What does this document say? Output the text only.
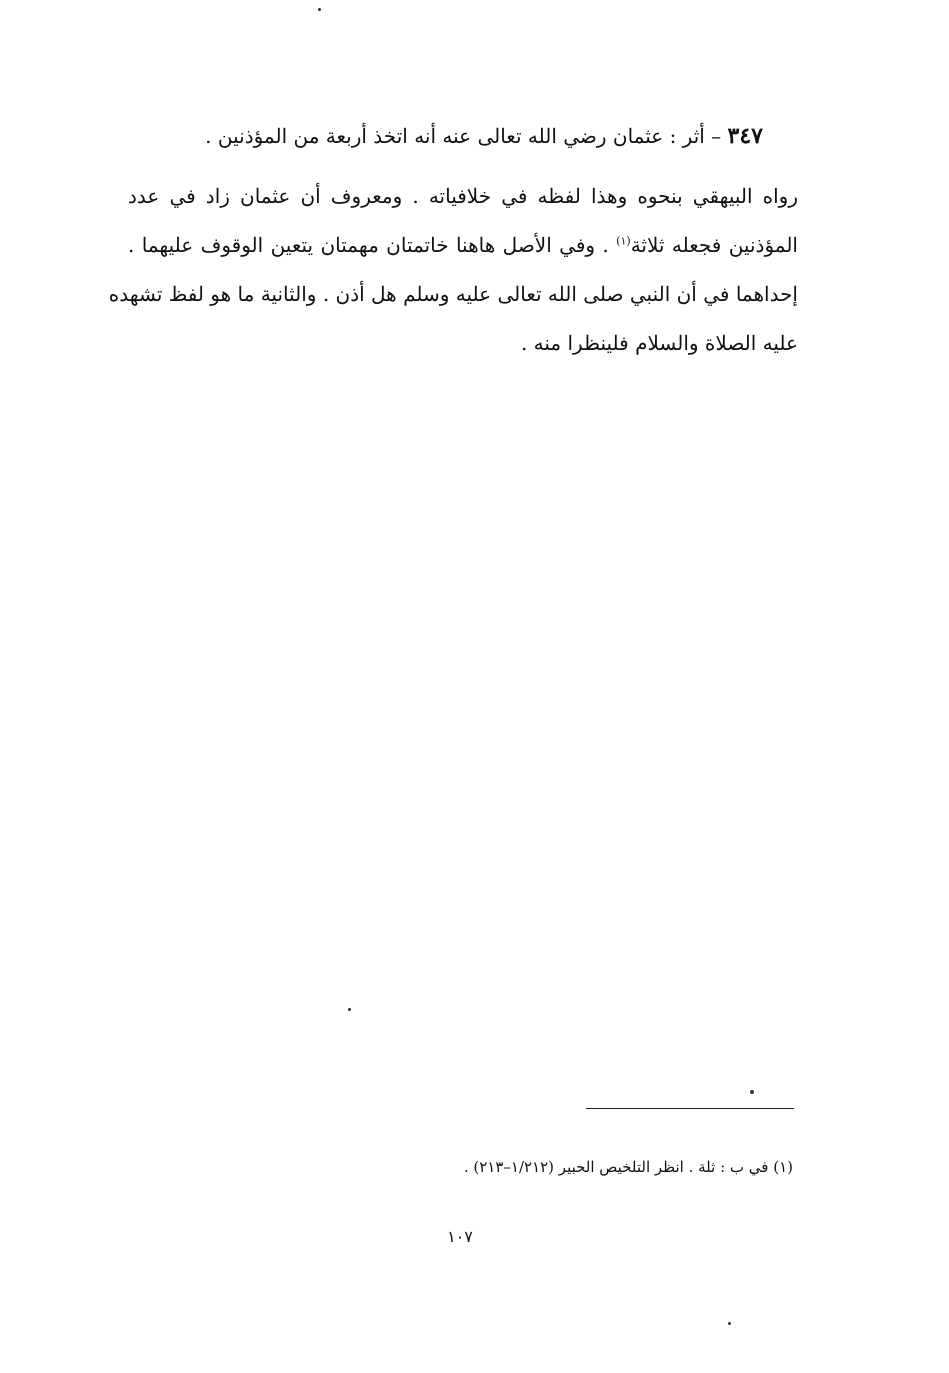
٣٤٧ – أثر : عثمان رضي الله تعالى عنه أنه اتخذ أربعة من المؤذنين .
رواه البيهقي بنحوه وهذا لفظه في خلافياته . ومعروف أن عثمان زاد في عدد
المؤذنين فجعله ثلاثة$^{(١)}$ . وفي الأصل هاهنا خاتمتان مهمتان يتعين الوقوف عليهما .
إحداهما في أن النبي صلى الله تعالى عليه وسلم هل أذن . والثانية ما هو لفظ تشهده
عليه الصلاة والسلام فلينظرا منه .
(١) في ب : ثلة . انظر التلخيص الحبير (١/٢١٢–٢١٣) .
١٠٧
